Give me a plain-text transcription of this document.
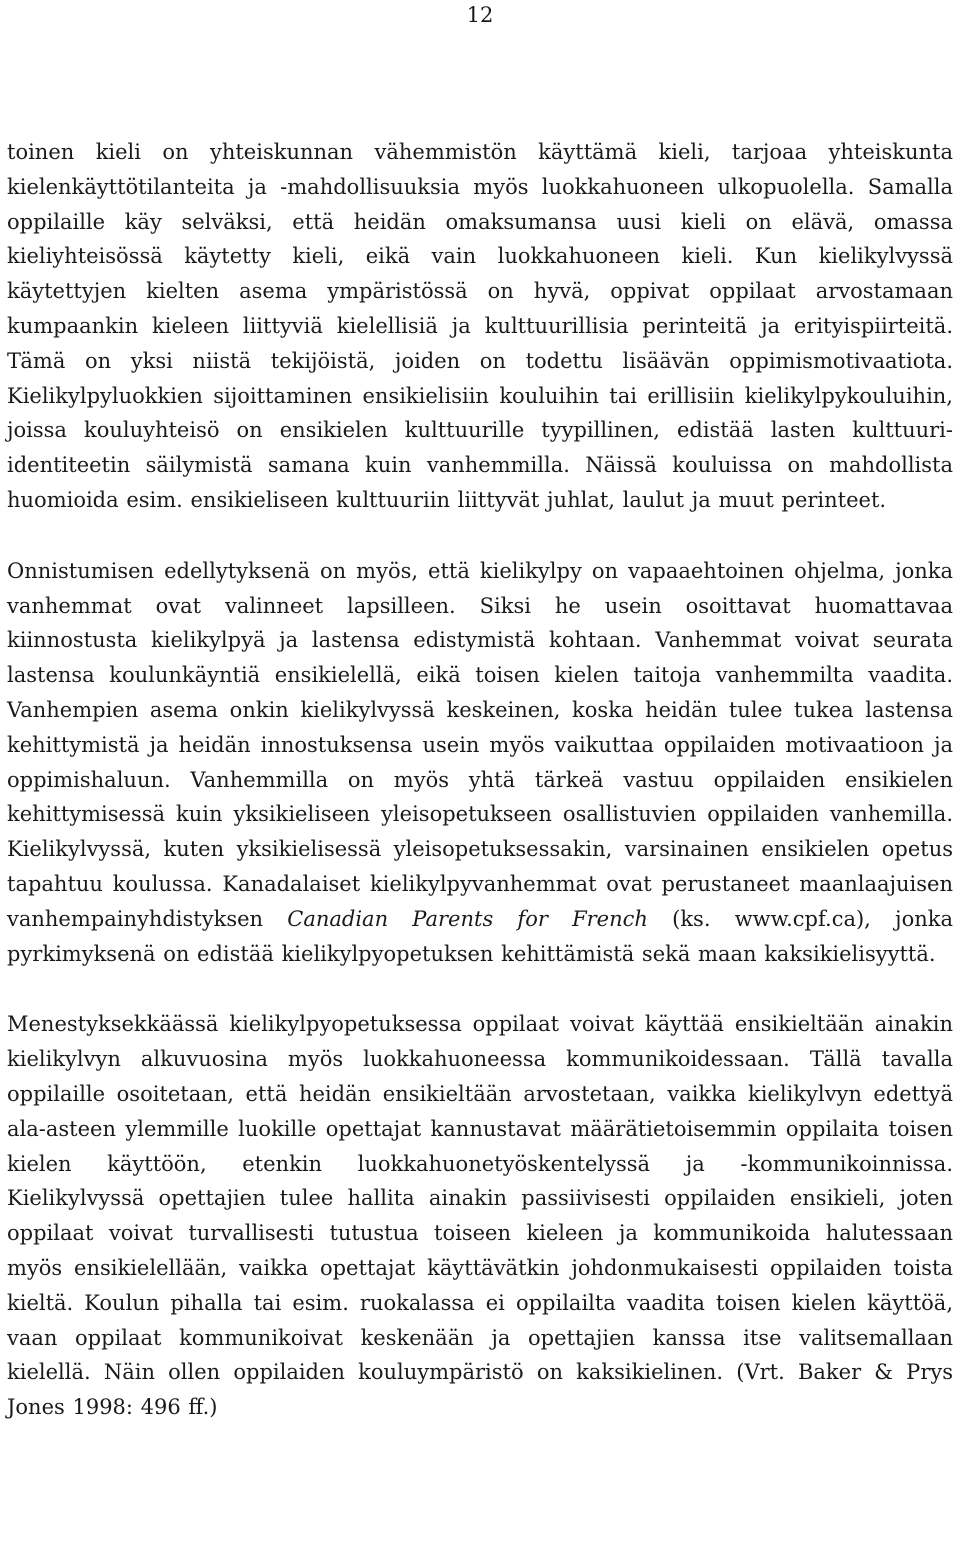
12

toinen kieli on yhteiskunnan vähemmistön käyttämä kieli, tarjoaa yhteiskunta kielenkäyttötilanteita ja -mahdollisuuksia myös luokkahuoneen ulkopuolella. Samalla oppilaille käy selväksi, että heidän omaksumansa uusi kieli on elävä, omassa kieliyhteisössä käytetty kieli, eikä vain luokkahuoneen kieli. Kun kielikylvyssä käytettyjen kielten asema ympäristössä on hyvä, oppivat oppilaat arvostamaan kumpaankin kieleen liittyviä kielellisiä ja kulttuurillisia perinteitä ja erityispiirteitä. Tämä on yksi niistä tekijöistä, joiden on todettu lisäävän oppimismotivaatiota. Kielikylpyluokkien sijoittaminen ensikielisiin kouluihin tai erillisiin kielikylpykouluihin, joissa kouluyhteisö on ensikielen kulttuurille tyypillinen, edistää lasten kulttuuri-identiteetin säilymistä samana kuin vanhemmilla. Näissä kouluissa on mahdollista huomioida esim. ensikieliseen kulttuuriin liittyvät juhlat, laulut ja muut perinteet.

Onnistumisen edellytyksenä on myös, että kielikylpy on vapaaehtoinen ohjelma, jonka vanhemmat ovat valinneet lapsilleen. Siksi he usein osoittavat huomattavaa kiinnostusta kielikylpyä ja lastensa edistymistä kohtaan. Vanhemmat voivat seurata lastensa koulunkäyntiä ensikielellä, eikä toisen kielen taitoja vanhemmilta vaadita. Vanhempien asema onkin kielikylvyssä keskeinen, koska heidän tulee tukea lastensa kehittymistä ja heidän innostuksensa usein myös vaikuttaa oppilaiden motivaatioon ja oppimishaluun. Vanhemmilla on myös yhtä tärkeä vastuu oppilaiden ensikielen kehittymisessä kuin yksikieliseen yleisopetukseen osallistuvien oppilaiden vanhemilla. Kielikylvyssä, kuten yksikielisessä yleisopetuksessakin, varsinainen ensikielen opetus tapahtuu koulussa. Kanadalaiset kielikylpyvanhemmat ovat perustaneet maanlaajuisen vanhempainyhdistyksen Canadian Parents for French (ks. www.cpf.ca), jonka pyrkimyksenä on edistää kielikylpyopetuksen kehittämistä sekä maan kaksikielisyyttä.

Menestyksekkäässä kielikylpyopetuksessa oppilaat voivat käyttää ensikieltään ainakin kielikylvyn alkuvuosina myös luokkahuoneessa kommunikoidessaan. Tällä tavalla oppilaille osoitetaan, että heidän ensikieltään arvostetaan, vaikka kielikylvyn edettyä ala-asteen ylemmille luokille opettajat kannustavat määrätietoisemmin oppilaita toisen kielen käyttöön, etenkin luokkahuonetyöskentelyssä ja -kommunikoinnissa. Kielikylvyssä opettajien tulee hallita ainakin passiivisesti oppilaiden ensikieli, joten oppilaat voivat turvallisesti tutustua toiseen kieleen ja kommunikoida halutessaan myös ensikielellään, vaikka opettajat käyttävätkin johdonmukaisesti oppilaiden toista kieltä. Koulun pihalla tai esim. ruokalassa ei oppilailta vaadita toisen kielen käyttöä, vaan oppilaat kommunikoivat keskenään ja opettajien kanssa itse valitsemallaan kielellä. Näin ollen oppilaiden kouluympäristö on kaksikielinen. (Vrt. Baker & Prys Jones 1998: 496 ff.)
